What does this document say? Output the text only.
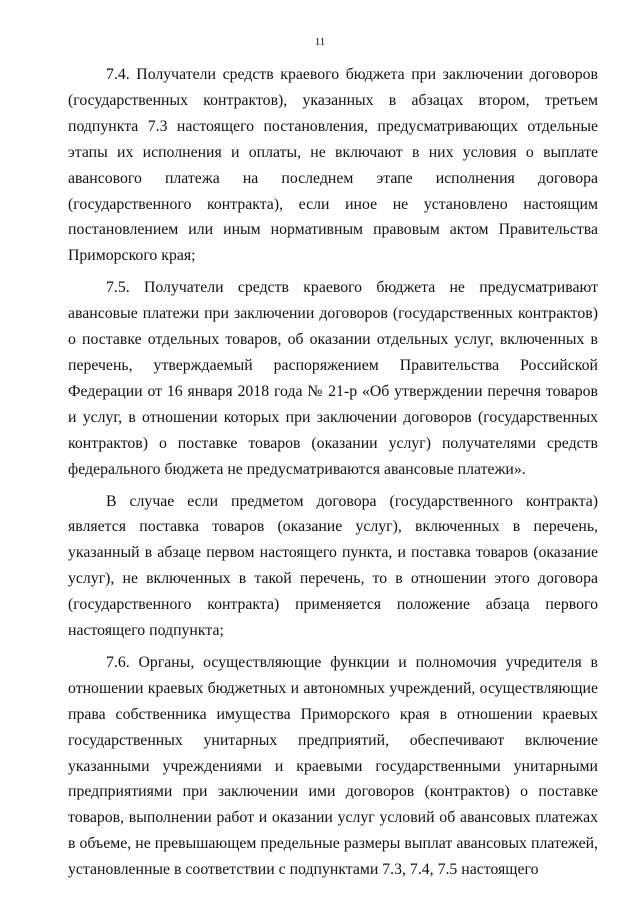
11

7.4. Получатели средств краевого бюджета при заключении договоров (государственных контрактов), указанных в абзацах втором, третьем подпункта 7.3 настоящего постановления, предусматривающих отдельные этапы их исполнения и оплаты, не включают в них условия о выплате авансового платежа на последнем этапе исполнения договора (государственного контракта), если иное не установлено настоящим постановлением или иным нормативным правовым актом Правительства Приморского края;

7.5. Получатели средств краевого бюджета не предусматривают авансовые платежи при заключении договоров (государственных контрактов) о поставке отдельных товаров, об оказании отдельных услуг, включенных в перечень, утверждаемый распоряжением Правительства Российской Федерации от 16 января 2018 года № 21-р «Об утверждении перечня товаров и услуг, в отношении которых при заключении договоров (государственных контрактов) о поставке товаров (оказании услуг) получателями средств федерального бюджета не предусматриваются авансовые платежи».

В случае если предметом договора (государственного контракта) является поставка товаров (оказание услуг), включенных в перечень, указанный в абзаце первом настоящего пункта, и поставка товаров (оказание услуг), не включенных в такой перечень, то в отношении этого договора (государственного контракта) применяется положение абзаца первого настоящего подпункта;

7.6. Органы, осуществляющие функции и полномочия учредителя в отношении краевых бюджетных и автономных учреждений, осуществляющие права собственника имущества Приморского края в отношении краевых государственных унитарных предприятий, обеспечивают включение указанными учреждениями и краевыми государственными унитарными предприятиями при заключении ими договоров (контрактов) о поставке товаров, выполнении работ и оказании услуг условий об авансовых платежах в объеме, не превышающем предельные размеры выплат авансовых платежей, установленные в соответствии с подпунктами 7.3, 7.4, 7.5 настоящего
